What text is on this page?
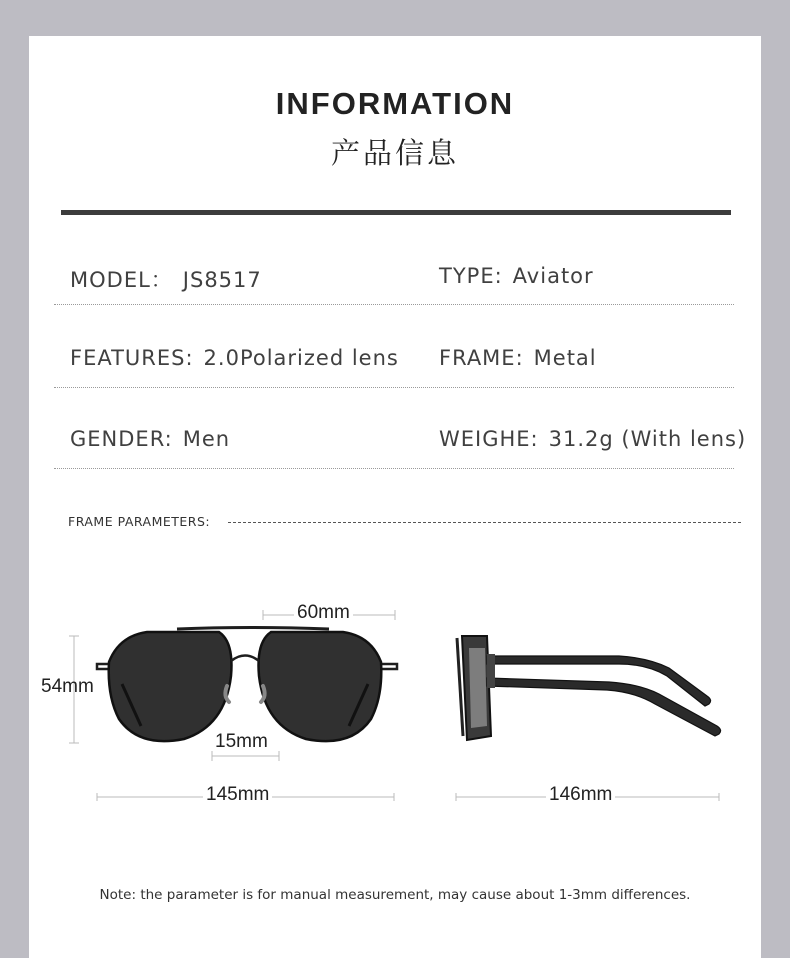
INFORMATION
产品信息
MODEL： JS8517	TYPE: Aviator
FEATURES: 2.0Polarized lens FRAME: Metal
GENDER: Men	WEIGHE: 31.2g (With lens)
FRAME PARAMETERS:
60mm
54mm
15mm
145mm	146mm
Note: the parameter is for manual measurement, may cause about 1-3mm differences.
